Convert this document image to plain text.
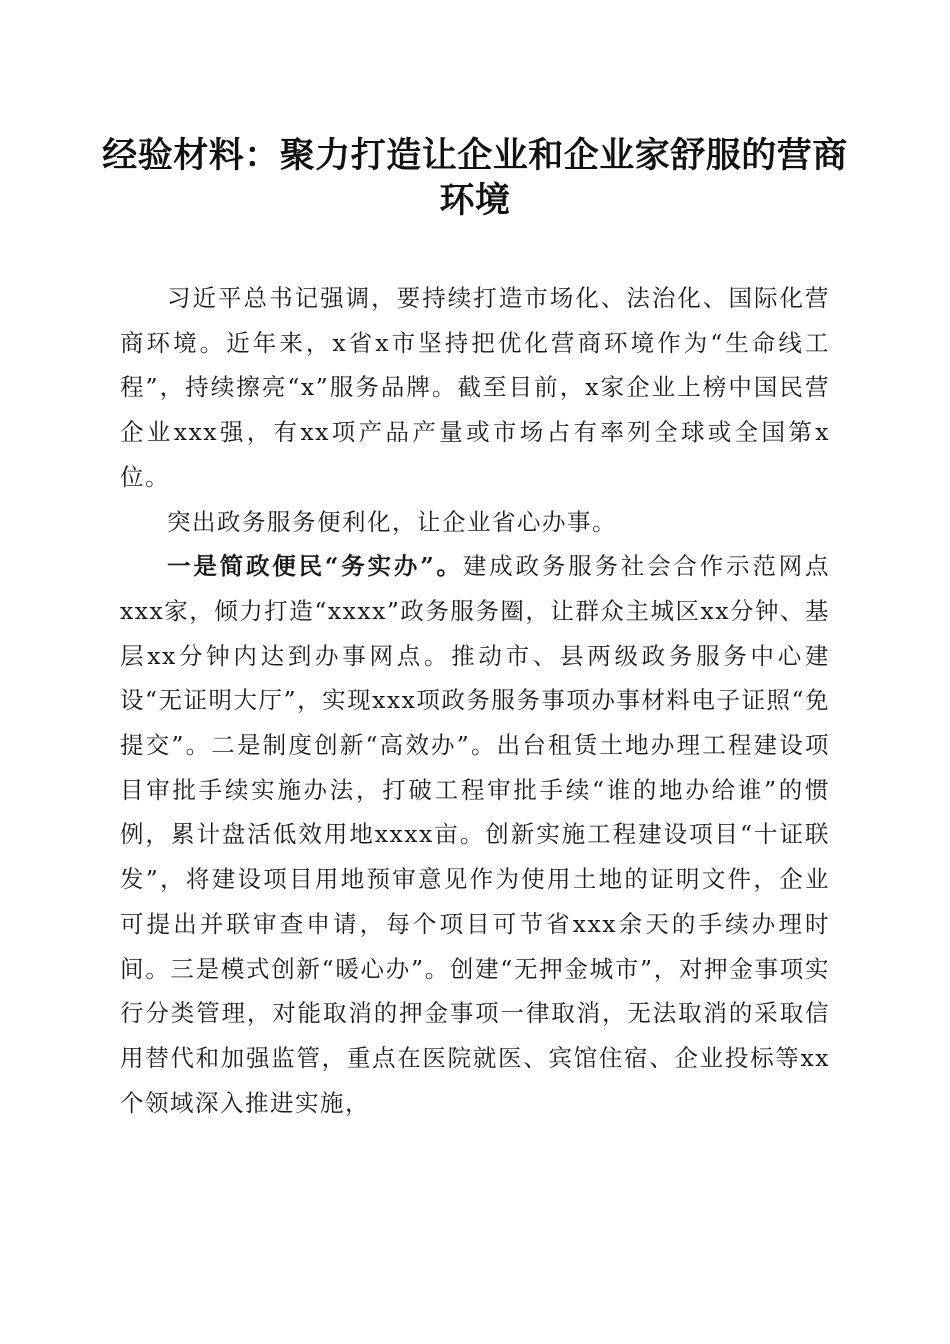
经验材料：聚力打造让企业和企业家舒服的营商环境

习近平总书记强调，要持续打造市场化、法治化、国际化营商环境。近年来，x省x市坚持把优化营商环境作为“生命线工程”，持续擦亮“x”服务品牌。截至目前，x家企业上榜中国民营企业xxx强，有xx项产品产量或市场占有率列全球或全国第x位。

突出政务服务便利化，让企业省心办事。

一是简政便民“务实办”。建成政务服务社会合作示范网点xxx家，倾力打造“xxxx”政务服务圈，让群众主城区xx分钟、基层xx分钟内达到办事网点。推动市、县两级政务服务中心建设“无证明大厅”，实现xxx项政务服务事项办事材料电子证照“免提交”。二是制度创新“高效办”。出台租赁土地办理工程建设项目审批手续实施办法，打破工程审批手续“谁的地办给谁”的惯例，累计盘活低效用地xxxx亩。创新实施工程建设项目“十证联发”，将建设项目用地预审意见作为使用土地的证明文件，企业可提出并联审查申请，每个项目可节省xxx余天的手续办理时间。三是模式创新“暖心办”。创建“无押金城市”，对押金事项实行分类管理，对能取消的押金事项一律取消，无法取消的采取信用替代和加强监管，重点在医院就医、宾馆住宿、企业投标等xx个领域深入推进实施，
